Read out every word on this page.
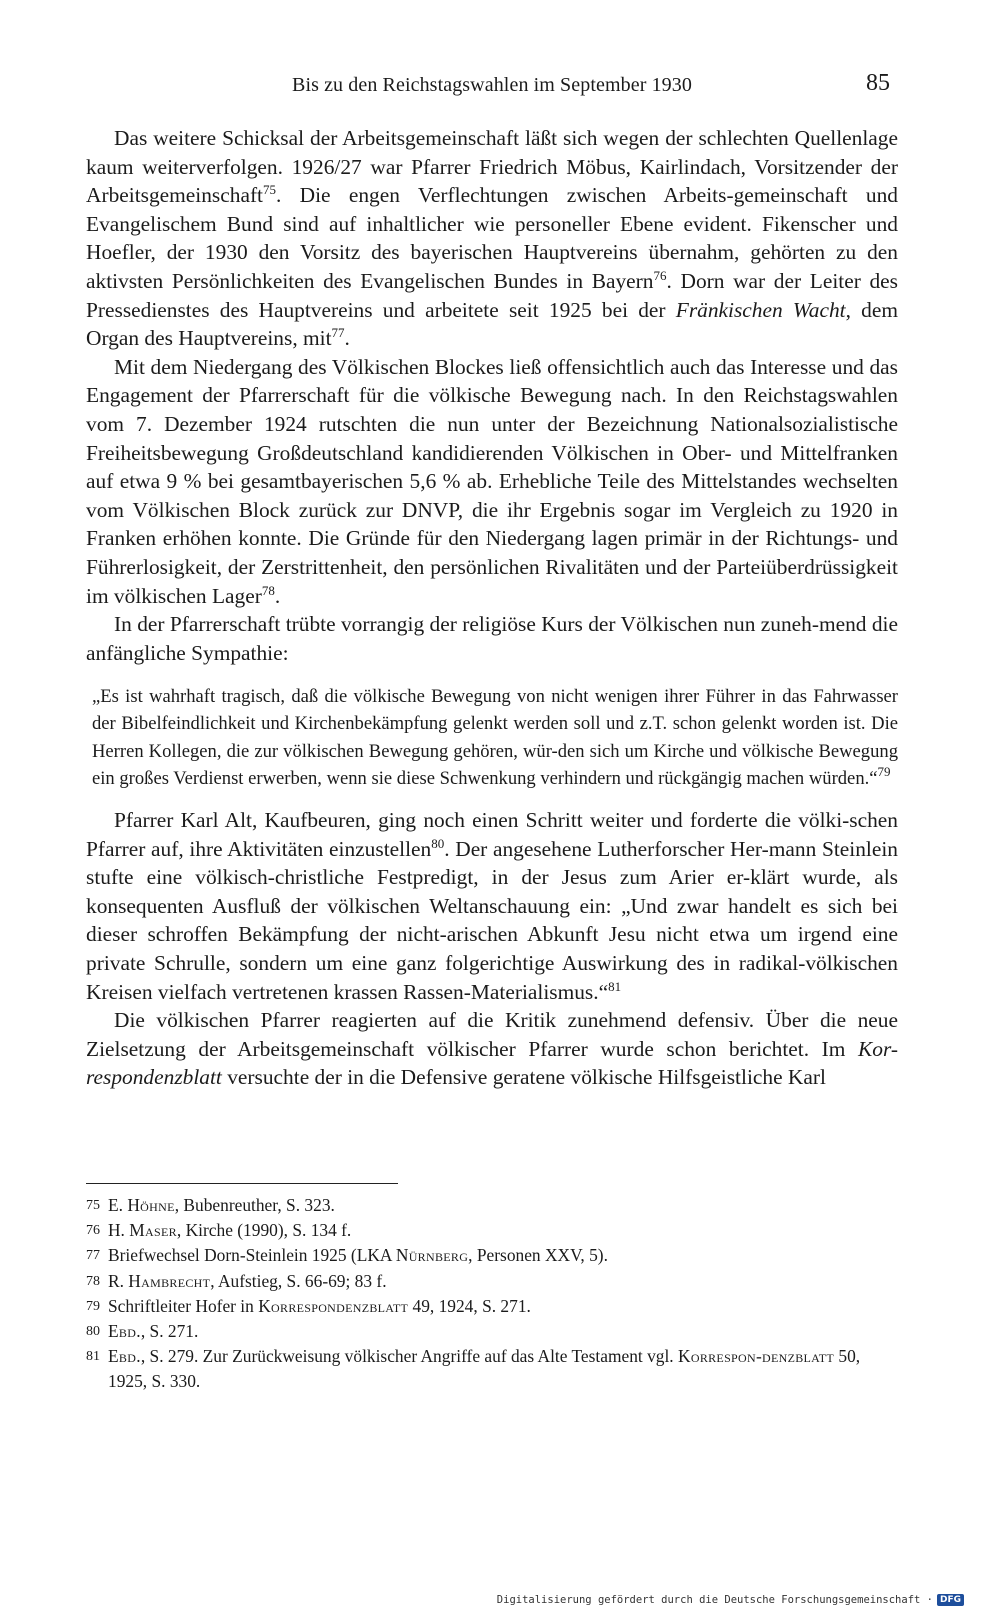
Bis zu den Reichstagswahlen im September 1930	85

Das weitere Schicksal der Arbeitsgemeinschaft läßt sich wegen der schlechten Quellenlage kaum weiterverfolgen. 1926/27 war Pfarrer Friedrich Möbus, Kairlindach, Vorsitzender der Arbeitsgemeinschaft$^{75}$. Die engen Verflechtungen zwischen Arbeits-gemeinschaft und Evangelischem Bund sind auf inhaltlicher wie personeller Ebene evident. Fikenscher und Hoefler, der 1930 den Vorsitz des bayerischen Hauptvereins übernahm, gehörten zu den aktivsten Persönlichkeiten des Evangelischen Bundes in Bayern$^{76}$. Dorn war der Leiter des Pressedienstes des Hauptvereins und arbeitete seit 1925 bei der Fränkischen Wacht, dem Organ des Hauptvereins, mit$^{77}$.

Mit dem Niedergang des Völkischen Blockes ließ offensichtlich auch das Interesse und das Engagement der Pfarrerschaft für die völkische Bewegung nach. In den Reichstagswahlen vom 7. Dezember 1924 rutschten die nun unter der Bezeichnung Nationalsozialistische Freiheitsbewegung Großdeutschland kandidierenden Völkischen in Ober- und Mittelfranken auf etwa 9 % bei gesamtbayerischen 5,6 % ab. Erhebliche Teile des Mittelstandes wechselten vom Völkischen Block zurück zur DNVP, die ihr Ergebnis sogar im Vergleich zu 1920 in Franken erhöhen konnte. Die Gründe für den Niedergang lagen primär in der Richtungs- und Führerlosigkeit, der Zerstrittenheit, den persönlichen Rivalitäten und der Parteiüberdrüssigkeit im völkischen Lager$^{78}$.

In der Pfarrerschaft trübte vorrangig der religiöse Kurs der Völkischen nun zuneh-mend die anfängliche Sympathie:

„Es ist wahrhaft tragisch, daß die völkische Bewegung von nicht wenigen ihrer Führer in das Fahrwasser der Bibelfeindlichkeit und Kirchenbekämpfung gelenkt werden soll und z.T. schon gelenkt worden ist. Die Herren Kollegen, die zur völkischen Bewegung gehören, wür-den sich um Kirche und völkische Bewegung ein großes Verdienst erwerben, wenn sie diese Schwenkung verhindern und rückgängig machen würden.“$^{79}$

Pfarrer Karl Alt, Kaufbeuren, ging noch einen Schritt weiter und forderte die völki-schen Pfarrer auf, ihre Aktivitäten einzustellen$^{80}$. Der angesehene Lutherforscher Her-mann Steinlein stufte eine völkisch-christliche Festpredigt, in der Jesus zum Arier er-klärt wurde, als konsequenten Ausfluß der völkischen Weltanschauung ein: „Und zwar handelt es sich bei dieser schroffen Bekämpfung der nicht-arischen Abkunft Jesu nicht etwa um irgend eine private Schrulle, sondern um eine ganz folgerichtige Auswirkung des in radikal-völkischen Kreisen vielfach vertretenen krassen Rassen-Materialismus.“$^{81}$

Die völkischen Pfarrer reagierten auf die Kritik zunehmend defensiv. Über die neue Zielsetzung der Arbeitsgemeinschaft völkischer Pfarrer wurde schon berichtet. Im Kor-respondenzblatt versuchte der in die Defensive geratene völkische Hilfsgeistliche Karl

75 E. Höhne, Bubenreuther, S. 323.

76 H. Maser, Kirche (1990), S. 134 f.

77 Briefwechsel Dorn-Steinlein 1925 (LKA Nürnberg, Personen XXV, 5).

78 R. Hambrecht, Aufstieg, S. 66-69; 83 f.

79 Schriftleiter Hofer in Korrespondenzblatt 49, 1924, S. 271.

80 Ebd., S. 271.

81 Ebd., S. 279. Zur Zurückweisung völkischer Angriffe auf das Alte Testament vgl. Korrespon-denzblatt 50, 1925, S. 330.

Digitalisierung gefördert durch die Deutsche Forschungsgemeinschaft · DFG
